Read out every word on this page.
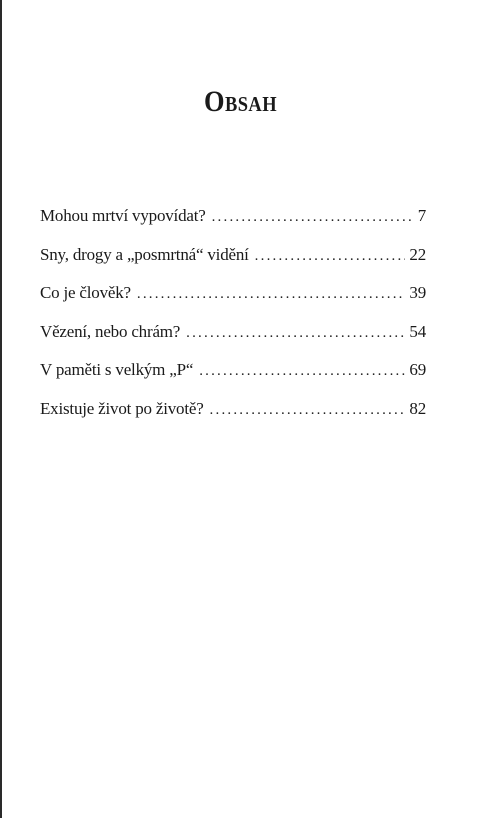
Obsah
Mohou mrtví vypovídat? .....	7
Sny, drogy a „posmrtná“ vidění .....	22
Co je člověk? .....	39
Vězení, nebo chrám? .....	54
V paměti s velkým „P“ .....	69
Existuje život po životě? .....	82
